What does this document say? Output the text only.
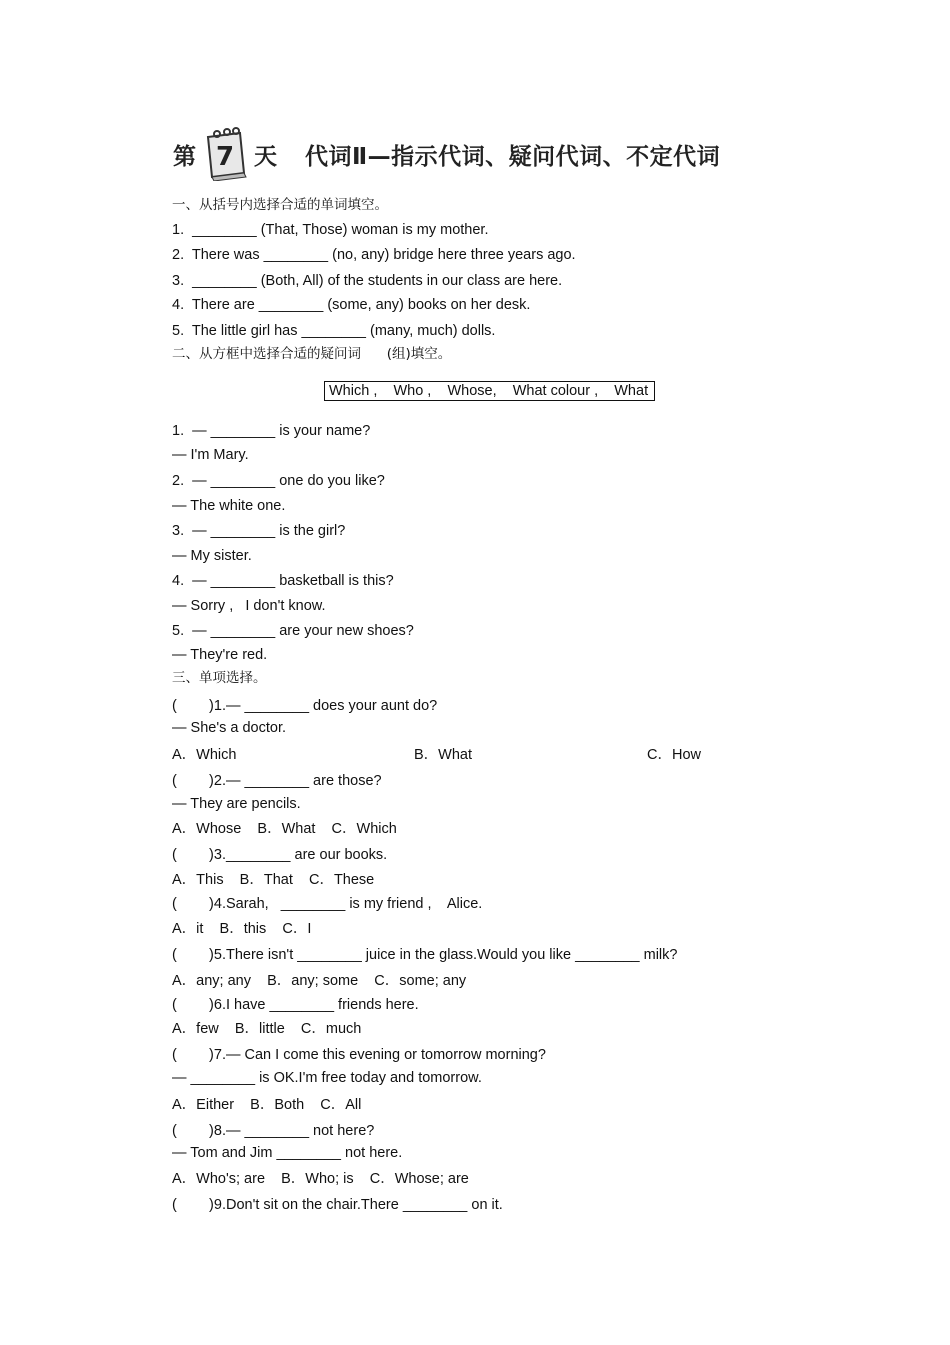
第 7 天 代词Ⅱ—指示代词、疑问代词、不定代词
一、从括号内选择合适的单词填空。
1.  ________ (That, Those) woman is my mother.
2.  There was ________ (no, any) bridge here three years ago.
3.  ________ (Both, All) of the students in our class are here.
4.  There are ________ (some, any) books on her desk.
5.  The little girl has ________ (many, much) dolls.
二、从方框中选择合适的疑问词      (组)填空。
Which ,    Who ,    Whose,    What colour ,    What
1.  — ________ is your name?
— I'm Mary.
2.  — ________ one do you like?
— The white one.
3.  — ________ is the girl?
— My sister.
4.  — ________ basketball is this?
— Sorry ,   I don't know.
5.  — ________ are your new shoes?
— They're red.
三、单项选择。
(        )1.— ________ does your aunt do?
— She's a doctor.
A．Which	B．What	C．How
(        )2.— ________ are those?
— They are pencils.
A．Whose    B．What    C．Which
(        )3.________ are our books.
A．This    B．That    C．These
(        )4.Sarah,   ________ is my friend ,    Alice.
A．it    B．this    C．I
(        )5.There isn't ________ juice in the glass.Would you like ________ milk?
A．any; any    B．any; some    C．some; any
(        )6.I have ________ friends here.
A．few    B．little    C．much
(        )7.— Can I come this evening or tomorrow morning?
— ________ is OK.I'm free today and tomorrow.
A．Either    B．Both    C．All
(        )8.— ________ not here?
— Tom and Jim ________ not here.
A．Who's; are    B．Who; is    C．Whose; are
(        )9.Don't sit on the chair.There ________ on it.
